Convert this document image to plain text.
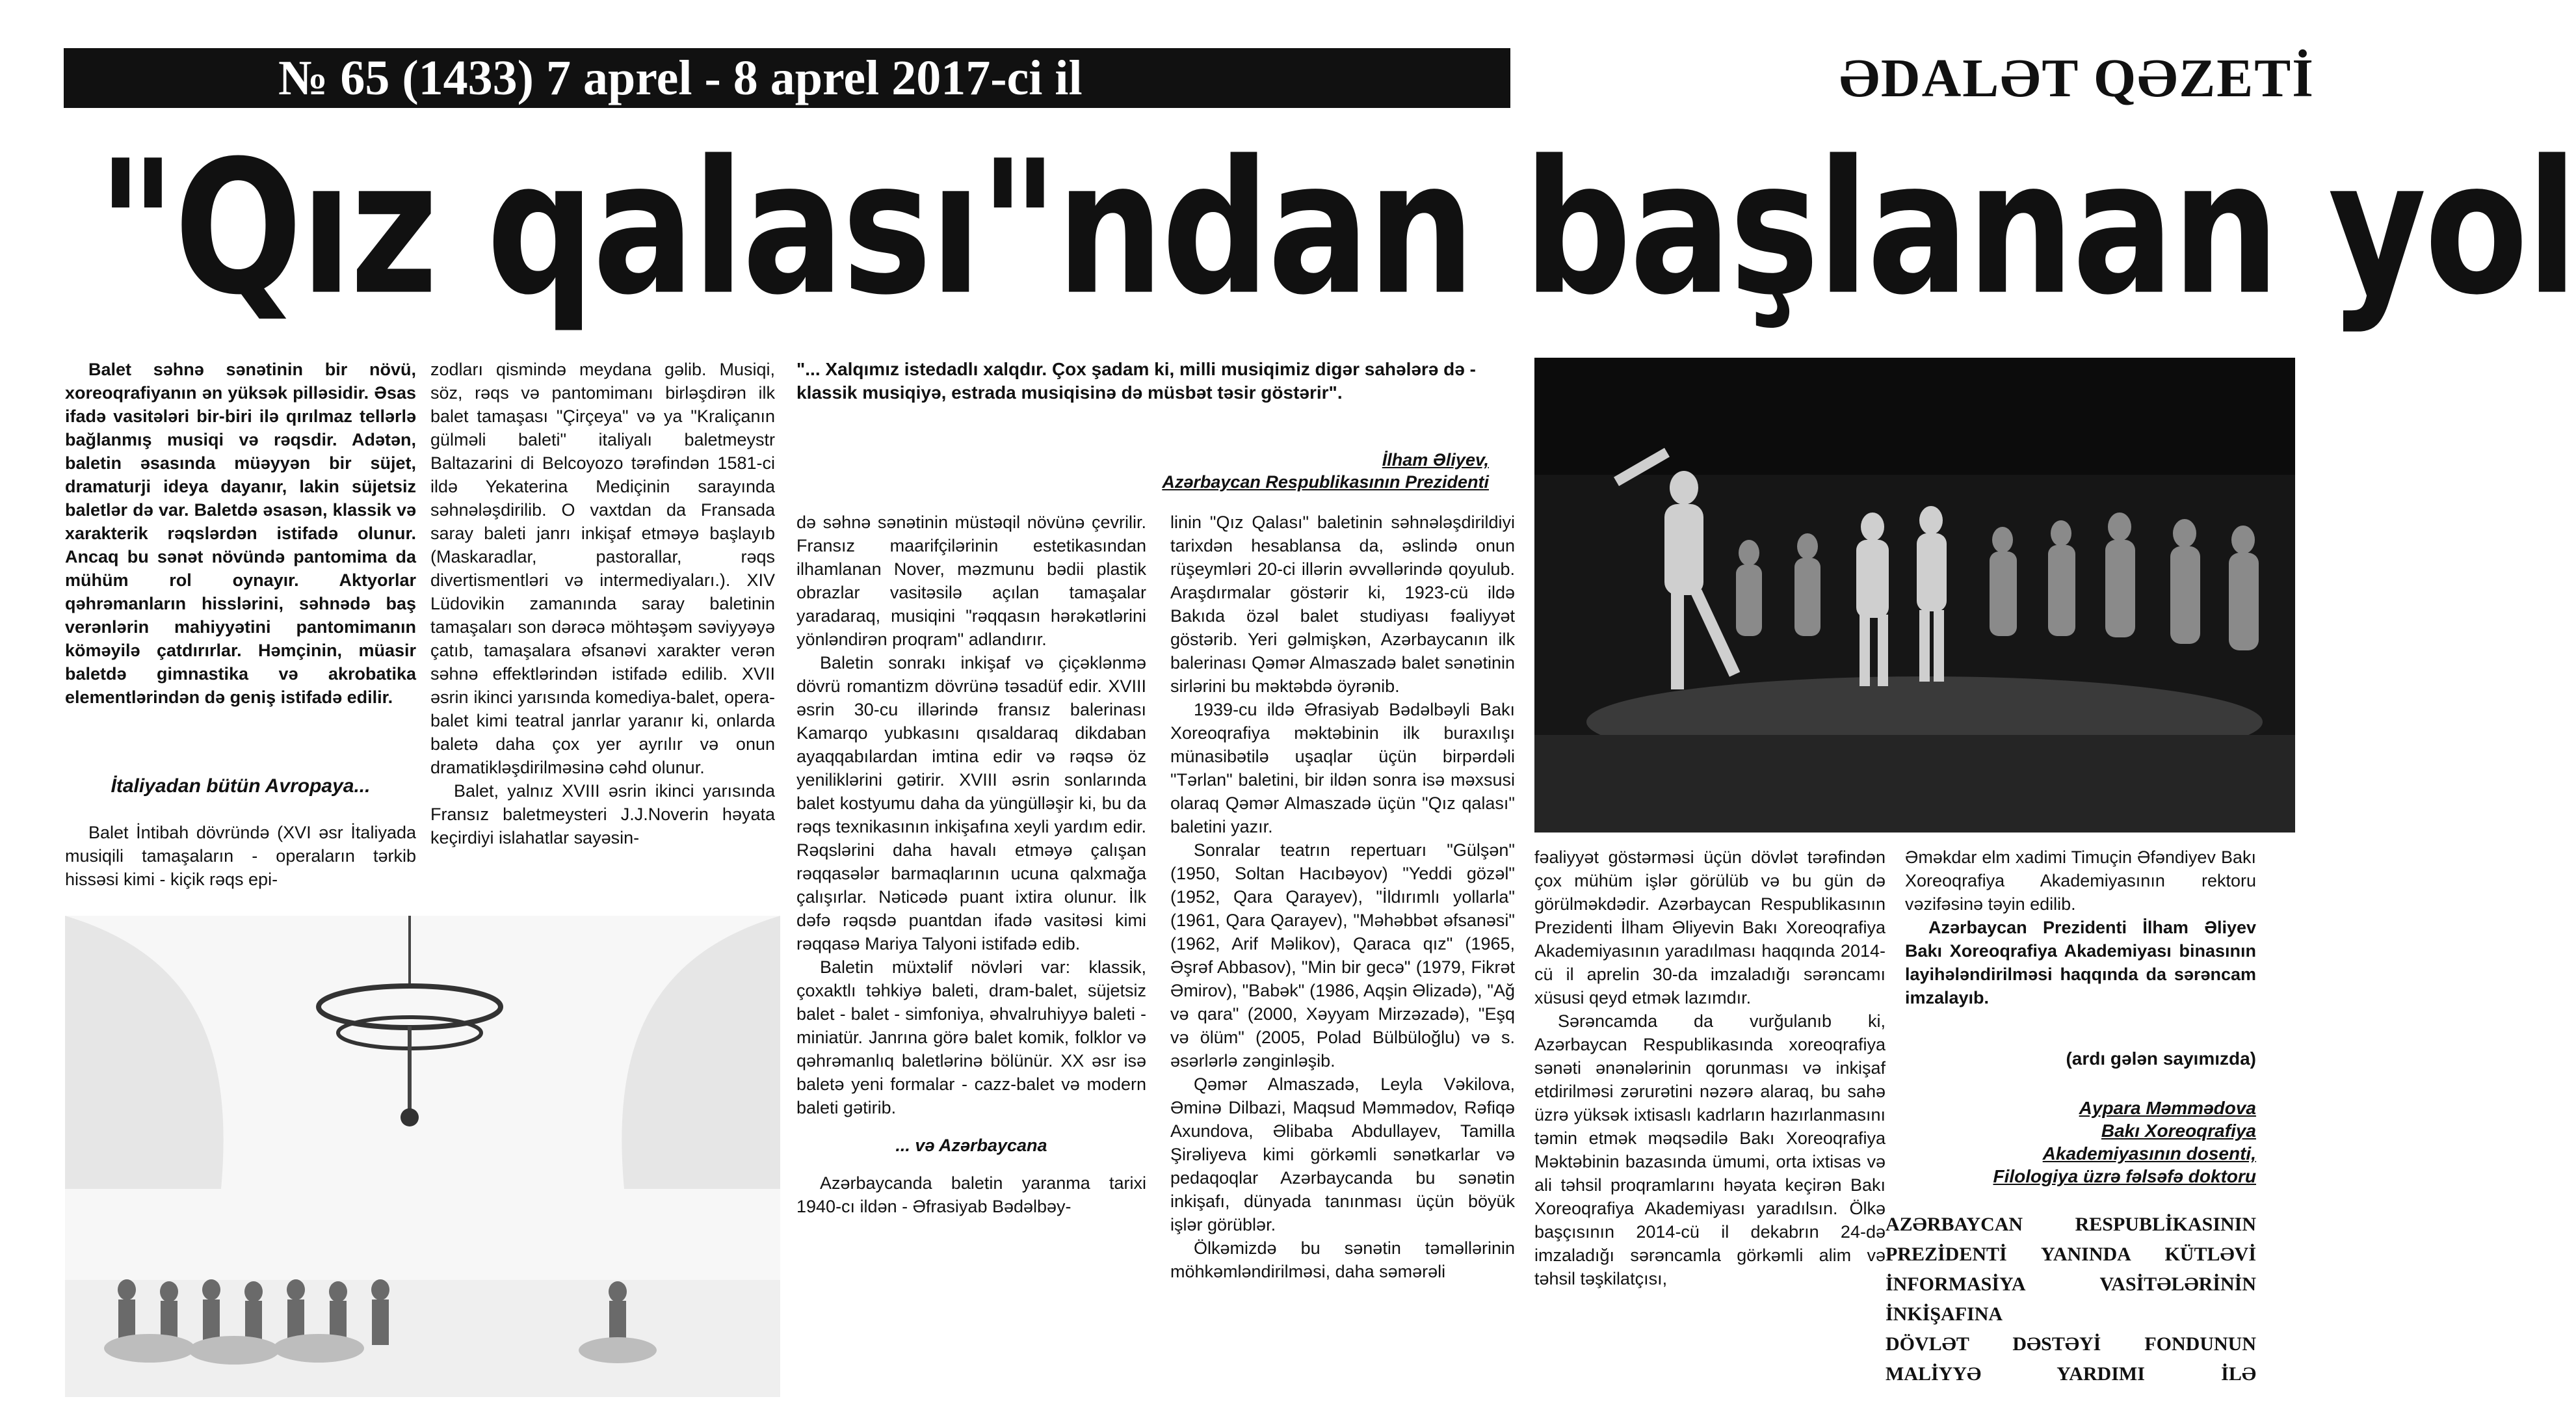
№ 65 (1433) 7 aprel - 8 aprel 2017-ci il	ƏDALƏT QƏZETİ
"Qız qalası"ndan başlanan yol

Balet səhnə sənətinin bir növü, xoreoqrafiyanın ən yüksək pilləsidir. Əsas ifadə vasitələri bir-biri ilə qırılmaz tellərlə bağlanmış musiqi və rəqsdir. Adətən, baletin əsasında müəyyən bir süjet, dramaturji ideya dayanır, lakin süjetsiz baletlər də var. Baletdə əsasən, klassik və xarakterik rəqslərdən istifadə olunur. Ancaq bu sənət növündə pantomima da mühüm rol oynayır. Aktyorlar qəhrəmanların hisslərini, səhnədə baş verənlərin mahiyyətini pantomimanın köməyilə çatdırırlar. Həmçinin, müasir baletdə gimnastika və akrobatika elementlərindən də geniş istifadə edilir.

İtaliyadan bütün Avropaya...

Balet İntibah dövründə (XVI əsr İtaliyada musiqili tamaşaların - operaların tərkib hissəsi kimi - kiçik rəqs epi-

zodları qismində meydana gəlib. Musiqi, söz, rəqs və pantomimanı birləşdirən ilk balet tamaşası "Çirçeya" və ya "Kraliçanın gülməli baleti" italiyalı baletmeystr Baltazarini di Belcoyozo tərəfindən 1581-ci ildə Yekaterina Mediçinin sarayında səhnələşdirilib. O vaxtdan da Fransada saray baleti janrı inkişaf etməyə başlayıb (Maskaradlar, pastorallar, rəqs divertismentləri və intermediyaları.). XIV Lüdovikin zamanında saray baletinin tamaşaları son dərəcə möhtəşəm səviyyəyə çatıb, tamaşalara əfsanəvi xarakter verən səhnə effektlərindən istifadə edilib. XVII əsrin ikinci yarısında komediya-balet, opera-balet kimi teatral janrlar yaranır ki, onlarda baletə daha çox yer ayrılır və onun dramatikləşdirilməsinə cəhd olunur.

Balet, yalnız XVIII əsrin ikinci yarısında Fransız baletmeysteri J.J.Noverin həyata keçirdiyi islahatlar sayəsin-

"... Xalqımız istedadlı xalqdır. Çox şadam ki, milli musiqimiz digər sahələrə də - klassik musiqiyə, estrada musiqisinə də müsbət təsir göstərir".
İlham Əliyev,
Azərbaycan Respublikasının Prezidenti

də səhnə sənətinin müstəqil növünə çevrilir. Fransız maarifçilərinin estetikasından ilhamlanan Nover, məzmunu bədii plastik obrazlar vasitəsilə açılan tamaşalar yaradaraq, musiqini "rəqqasın hərəkətlərini yönləndirən proqram" adlandırır.

Baletin sonrakı inkişaf və çiçəklənmə dövrü romantizm dövrünə təsadüf edir. XVIII əsrin 30-cu illərində fransız balerinası Kamarqo yubkasını qısaldaraq dikdaban ayaqqabılardan imtina edir və rəqsə öz yeniliklərini gətirir. XVIII əsrin sonlarında balet kostyumu daha da yüngülləşir ki, bu da rəqs texnikasının inkişafına xeyli yardım edir. Rəqslərini daha havalı etməyə çalışan rəqqasələr barmaqlarının ucuna qalxmağa çalışırlar. Nəticədə puant ixtira olunur. İlk dəfə rəqsdə puantdan ifadə vasitəsi kimi rəqqasə Mariya Talyoni istifadə edib.

Baletin müxtəlif növləri var: klassik, çoxaktlı təhkiyə baleti, dram-balet, süjetsiz balet - balet - simfoniya, əhvalruhiyyə baleti - miniatür. Janrına görə balet komik, folklor və qəhrəmanlıq baletlərinə bölünür. XX əsr isə baletə yeni formalar - cazz-balet və modern baleti gətirib.

... və Azərbaycana

Azərbaycanda baletin yaranma tarixi 1940-cı ildən - Əfrasiyab Bədəlbəy-

linin "Qız Qalası" baletinin səhnələşdirildiyi tarixdən hesablansa da, əslində onun rüşeymləri 20-ci illərin əvvəllərində qoyulub. Araşdırmalar göstərir ki, 1923-cü ildə Bakıda özəl balet studiyası fəaliyyət göstərib. Yeri gəlmişkən, Azərbaycanın ilk balerinası Qəmər Almaszadə balet sənətinin sirlərini bu məktəbdə öyrənib.

1939-cu ildə Əfrasiyab Bədəlbəyli Bakı Xoreoqrafiya məktəbinin ilk buraxılışı münasibətilə uşaqlar üçün birpərdəli "Tərlan" baletini, bir ildən sonra isə məxsusi olaraq Qəmər Almaszadə üçün "Qız qalası" baletini yazır.

Sonralar teatrın repertuarı "Gülşən" (1950, Soltan Hacıbəyov) "Yeddi gözəl" (1952, Qara Qarayev), "İldırımlı yollarla" (1961, Qara Qarayev), "Məhəbbət əfsanəsi" (1962, Arif Məlikov), Qaraca qız" (1965, Əşrəf Abbasov), "Min bir gecə" (1979, Fikrət Əmirov), "Babək" (1986, Aqşin Əlizadə), "Ağ və qara" (2000, Xəyyam Mirzəzadə), "Eşq və ölüm" (2005, Polad Bülbüloğlu) və s. əsərlərlə zənginləşib.

Qəmər Almaszadə, Leyla Vəkilova, Əminə Dilbazi, Maqsud Məmmədov, Rəfiqə Axundova, Əlibaba Abdullayev, Tamilla Şirəliyeva kimi görkəmli sənətkarlar və pedaqoqlar Azərbaycanda bu sənətin inkişafı, dünyada tanınması üçün böyük işlər görüblər.

Ölkəmizdə bu sənətin təməllərinin möhkəmləndirilməsi, daha səmərəli

fəaliyyət göstərməsi üçün dövlət tərəfindən çox mühüm işlər görülüb və bu gün də görülməkdədir. Azərbaycan Respublikasının Prezidenti İlham Əliyevin Bakı Xoreoqrafiya Akademiyasının yaradılması haqqında 2014-cü il aprelin 30-da imzaladığı sərəncamı xüsusi qeyd etmək lazımdır.

Sərəncamda da vurğulanıb ki, Azərbaycan Respublikasında xoreoqrafiya sənəti ənənələrinin qorunması və inkişaf etdirilməsi zərurətini nəzərə alaraq, bu sahə üzrə yüksək ixtisaslı kadrların hazırlanmasını təmin etmək məqsədilə Bakı Xoreoqrafiya Məktəbinin bazasında ümumi, orta ixtisas və ali təhsil proqramlarını həyata keçirən Bakı Xoreoqrafiya Akademiyası yaradılsın. Ölkə başçısının 2014-cü il dekabrın 24-də imzaladığı sərəncamla görkəmli alim və təhsil təşkilatçısı,

Əməkdar elm xadimi Timuçin Əfəndiyev Bakı Xoreoqrafiya Akademiyasının rektoru vəzifəsinə təyin edilib.

Azərbaycan Prezidenti İlham Əliyev Bakı Xoreoqrafiya Akademiyası binasının layihələndirilməsi haqqında da sərəncam imzalayıb.

(ardı gələn sayımızda)
Aypara Məmmədova
Bakı Xoreoqrafiya
Akademiyasının dosenti,
Filologiya üzrə fəlsəfə doktoru
AZƏRBAYCAN RESPUBLİKASININ
PREZİDENTİ YANINDA KÜTLƏVİ
İNFORMASİYA VASİTƏLƏRİNİN İNKİŞAFINA
DÖVLƏT DƏSTƏYİ FONDUNUN
MALİYYƏ YARDIMI İLƏ
